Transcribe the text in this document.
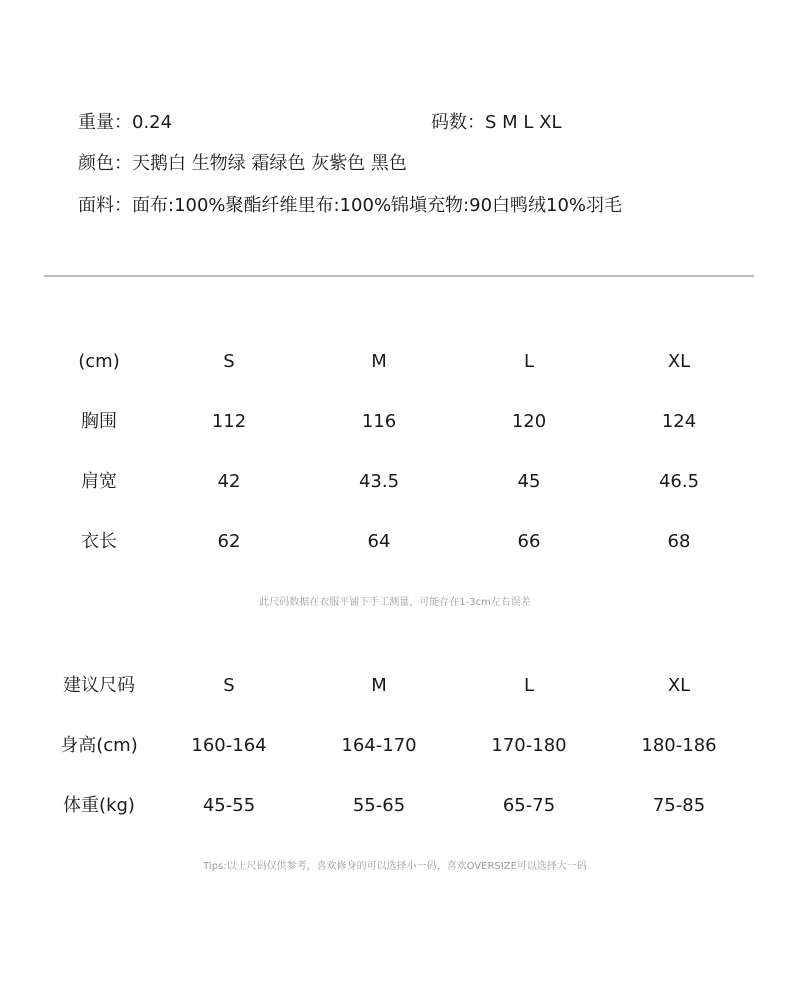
重量：0.24	码数：S M L XL
颜色：天鹅白 生物绿 霜绿色 灰紫色 黑色
面料：面布:100%聚酯纤维里布:100%锦塡充物:90白鸭绒10%羽毛
(cm)	S	M	L	XL
胸围	112	116	120	124
肩宽	42	43.5	45	46.5
衣长	62	64	66	68
此尺码数据在衣服平铺下手工测量，可能存在1-3cm左右误差
建议尺码	S	M	L	XL
身高(cm)	160-164	164-170	170-180	180-186
体重(kg)	45-55	55-65	65-75	75-85
Tips:以上尺码仅供参考，喜欢修身的可以选择小一码，喜欢OVERSIZE可以选择大一码
